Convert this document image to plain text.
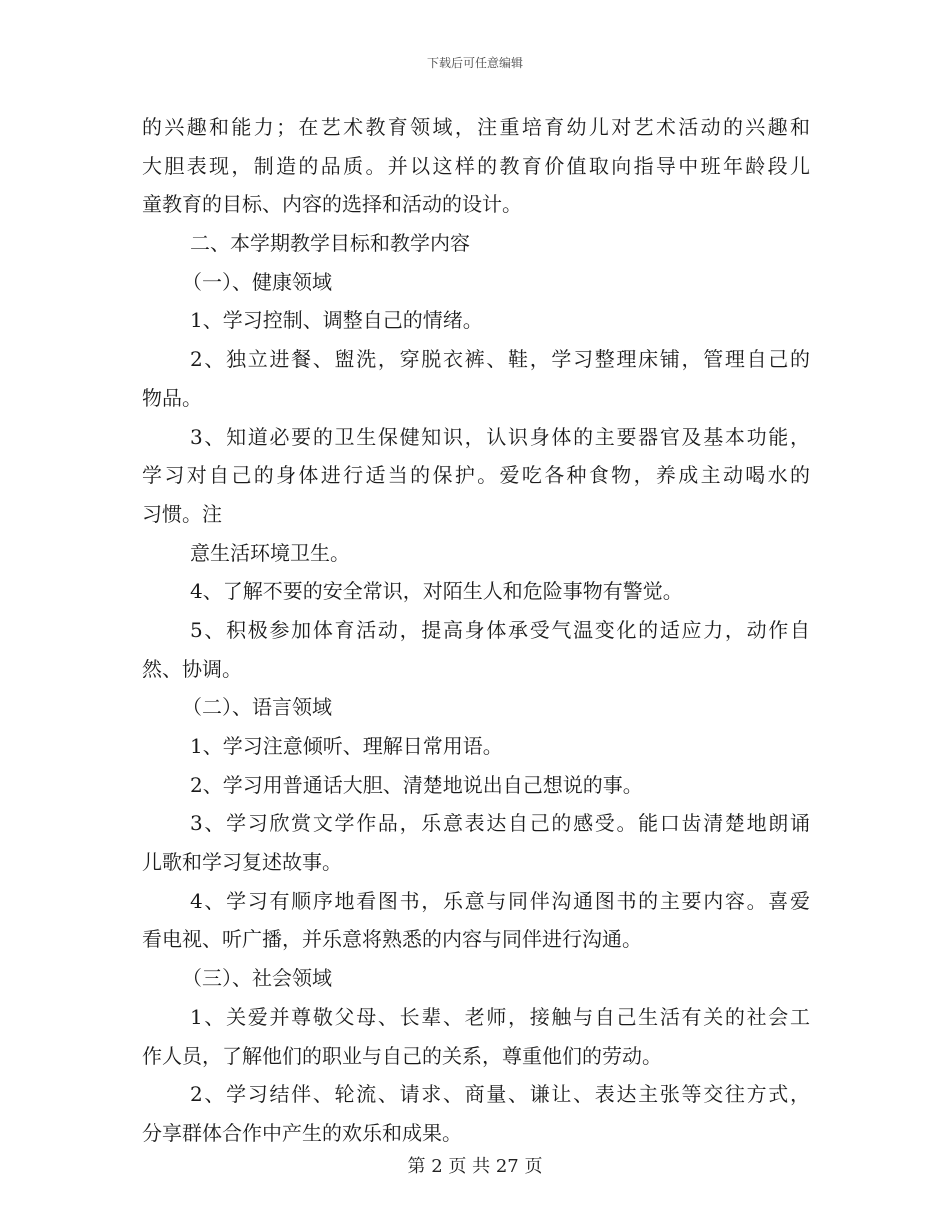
下载后可任意编辑
的兴趣和能力；在艺术教育领域，注重培育幼儿对艺术活动的兴趣和
大胆表现，制造的品质。并以这样的教育价值取向指导中班年龄段儿
童教育的目标、内容的选择和活动的设计。
二、本学期教学目标和教学内容
（一）、健康领域
1、学习控制、调整自己的情绪。
2、独立进餐、盥洗，穿脱衣裤、鞋，学习整理床铺，管理自己的
物品。
3、知道必要的卫生保健知识，认识身体的主要器官及基本功能，
学习对自己的身体进行适当的保护。爱吃各种食物，养成主动喝水的
习惯。注
意生活环境卫生。
4、了解不要的安全常识，对陌生人和危险事物有警觉。
5、积极参加体育活动，提高身体承受气温变化的适应力，动作自
然、协调。
（二）、语言领域
1、学习注意倾听、理解日常用语。
2、学习用普通话大胆、清楚地说出自己想说的事。
3、学习欣赏文学作品，乐意表达自己的感受。能口齿清楚地朗诵
儿歌和学习复述故事。
4、学习有顺序地看图书，乐意与同伴沟通图书的主要内容。喜爱
看电视、听广播，并乐意将熟悉的内容与同伴进行沟通。
（三）、社会领域
1、关爱并尊敬父母、长辈、老师，接触与自己生活有关的社会工
作人员，了解他们的职业与自己的关系，尊重他们的劳动。
2、学习结伴、轮流、请求、商量、谦让、表达主张等交往方式，
分享群体合作中产生的欢乐和成果。
第 2 页 共 27 页
